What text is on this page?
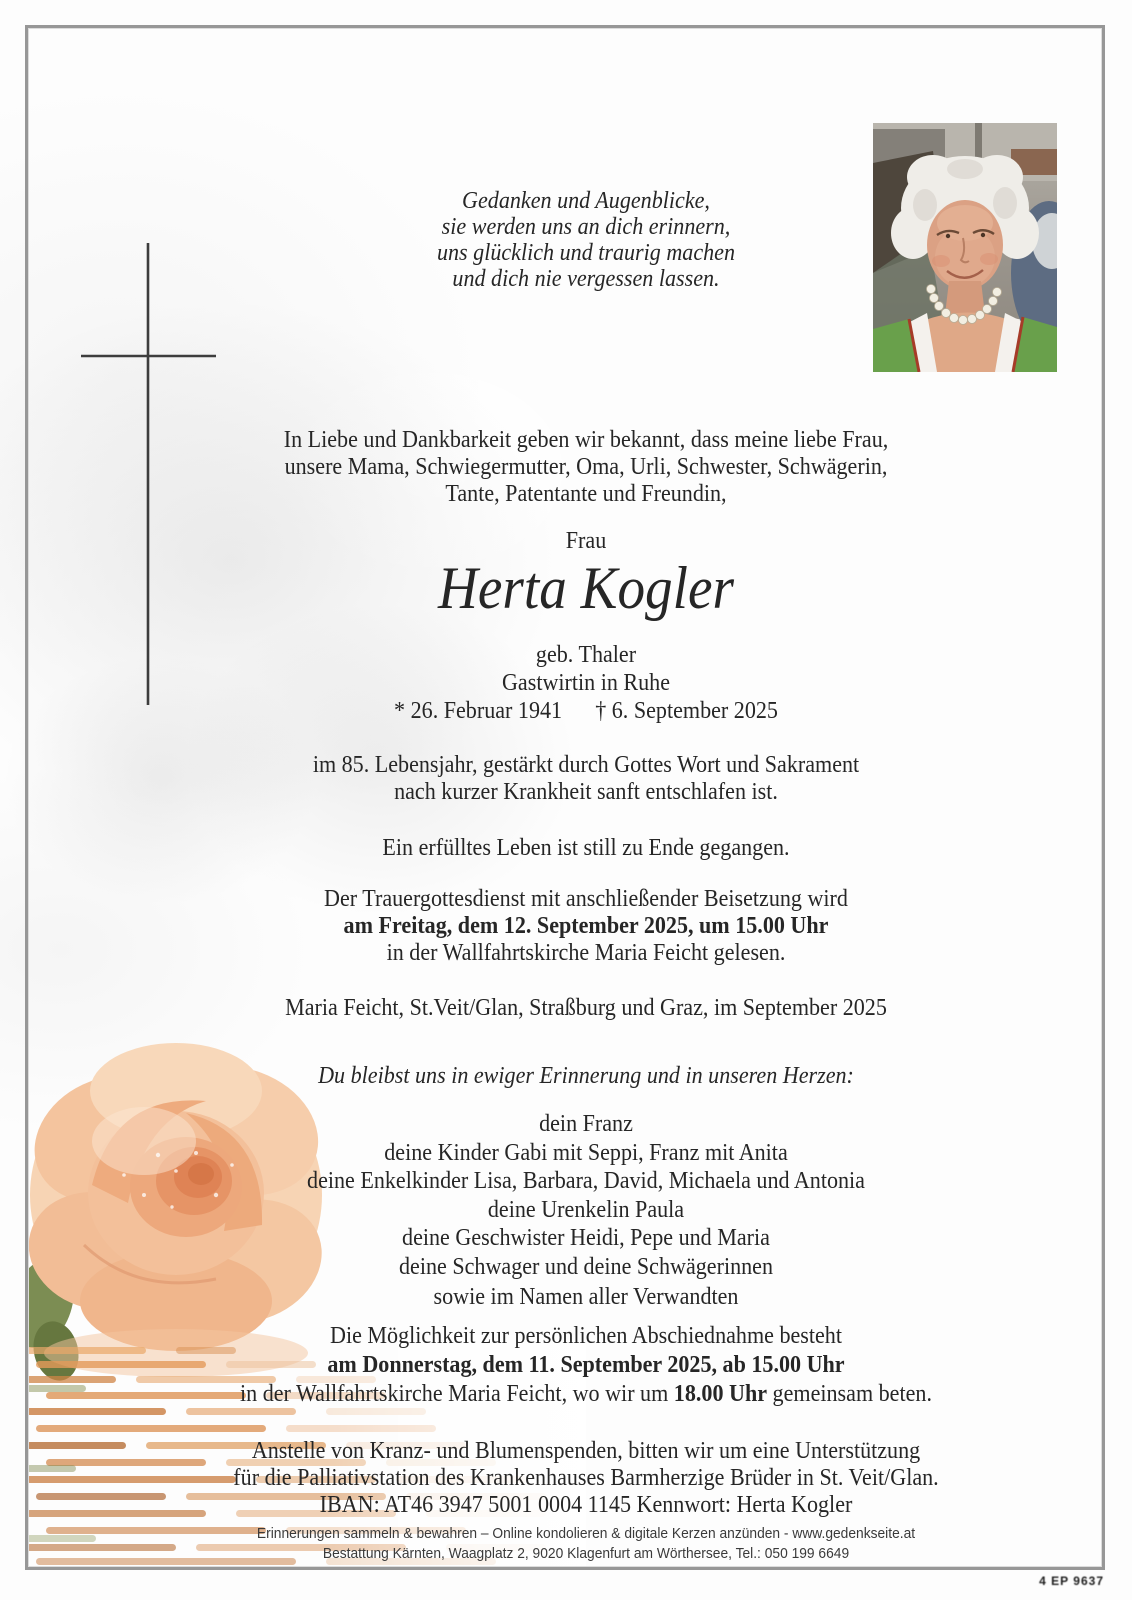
Gedanken und Augenblicke,
sie werden uns an dich erinnern,
uns glücklich und traurig machen
und dich nie vergessen lassen.
In Liebe und Dankbarkeit geben wir bekannt, dass meine liebe Frau,
unsere Mama, Schwiegermutter, Oma, Urli, Schwester, Schwägerin,
Tante, Patentante und Freundin,
Frau
Herta Kogler
geb. Thaler
Gastwirtin in Ruhe
* 26. Februar 1941 † 6. September 2025
im 85. Lebensjahr, gestärkt durch Gottes Wort und Sakrament
nach kurzer Krankheit sanft entschlafen ist.
Ein erfülltes Leben ist still zu Ende gegangen.
Der Trauergottesdienst mit anschließender Beisetzung wird
am Freitag, dem 12. September 2025, um 15.00 Uhr
in der Wallfahrtskirche Maria Feicht gelesen.
Maria Feicht, St.Veit/Glan, Straßburg und Graz, im September 2025
Du bleibst uns in ewiger Erinnerung und in unseren Herzen:
dein Franz
deine Kinder Gabi mit Seppi, Franz mit Anita
deine Enkelkinder Lisa, Barbara, David, Michaela und Antonia
deine Urenkelin Paula
deine Geschwister Heidi, Pepe und Maria
deine Schwager und deine Schwägerinnen
sowie im Namen aller Verwandten
Die Möglichkeit zur persönlichen Abschiednahme besteht
am Donnerstag, dem 11. September 2025, ab 15.00 Uhr
in der Wallfahrtskirche Maria Feicht, wo wir um 18.00 Uhr gemeinsam beten.
Anstelle von Kranz- und Blumenspenden, bitten wir um eine Unterstützung
für die Palliativstation des Krankenhauses Barmherzige Brüder in St. Veit/Glan.
IBAN: AT46 3947 5001 0004 1145 Kennwort: Herta Kogler
Erinnerungen sammeln & bewahren – Online kondolieren & digitale Kerzen anzünden - www.gedenkseite.at
Bestattung Kärnten, Waagplatz 2, 9020 Klagenfurt am Wörthersee, Tel.: 050 199 6649
4 EP 9637
